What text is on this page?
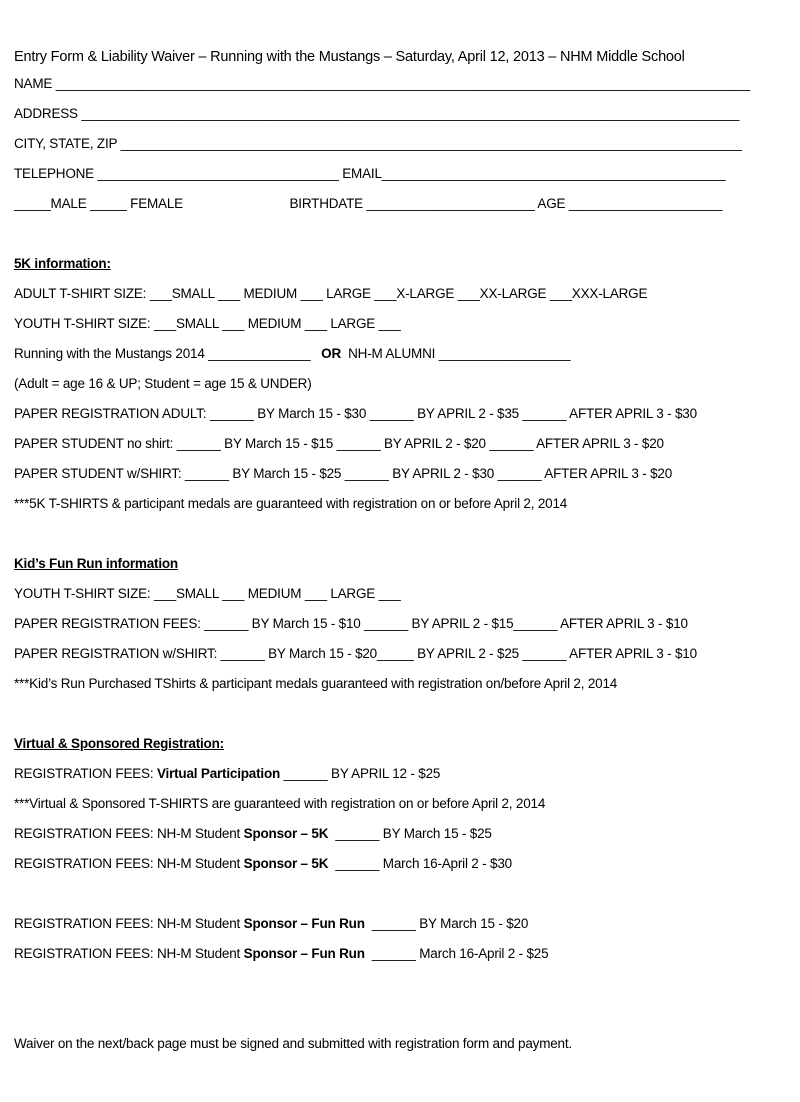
Entry Form & Liability Waiver – Running with the Mustangs – Saturday, April 12, 2013 – NHM Middle School
NAME _______________________________________________________________________________________________
ADDRESS __________________________________________________________________________________________
CITY, STATE, ZIP _____________________________________________________________________________________
TELEPHONE _________________________________ EMAIL_______________________________________________
_____MALE _____ FEMALE                              BIRTHDATE _______________________ AGE _____________________
5K information:
ADULT T-SHIRT SIZE: ___SMALL ___ MEDIUM ___ LARGE ___X-LARGE ___XX-LARGE ___XXX-LARGE
YOUTH T-SHIRT SIZE: ___SMALL ___ MEDIUM ___ LARGE ___
Running with the Mustangs 2014 ______________   OR  NH-M ALUMNI __________________
(Adult = age 16 & UP; Student = age 15 & UNDER)
PAPER REGISTRATION ADULT: ______ BY March 15 - $30 ______ BY APRIL 2 - $35 ______ AFTER APRIL 3 - $30
PAPER STUDENT no shirt: ______ BY March 15 - $15 ______ BY APRIL 2 - $20 ______ AFTER APRIL 3 - $20
PAPER STUDENT w/SHIRT: ______ BY March 15 - $25 ______ BY APRIL 2 - $30 ______ AFTER APRIL 3 - $20
***5K T-SHIRTS & participant medals are guaranteed with registration on or before April 2, 2014
Kid’s Fun Run information
YOUTH T-SHIRT SIZE: ___SMALL ___ MEDIUM ___ LARGE ___
PAPER REGISTRATION FEES: ______ BY March 15 - $10 ______ BY APRIL 2 - $15______ AFTER APRIL 3 - $10
PAPER REGISTRATION w/SHIRT: ______ BY March 15 - $20_____ BY APRIL 2 - $25 ______ AFTER APRIL 3 - $10
***Kid’s Run Purchased TShirts & participant medals guaranteed with registration on/before April 2, 2014
Virtual & Sponsored Registration:
REGISTRATION FEES: Virtual Participation ______ BY APRIL 12 - $25
***Virtual & Sponsored T-SHIRTS are guaranteed with registration on or before April 2, 2014
REGISTRATION FEES: NH-M Student Sponsor – 5K  ______ BY March 15 - $25
REGISTRATION FEES: NH-M Student Sponsor – 5K  ______ March 16-April 2 - $30
REGISTRATION FEES: NH-M Student Sponsor – Fun Run  ______ BY March 15 - $20
REGISTRATION FEES: NH-M Student Sponsor – Fun Run  ______ March 16-April 2 - $25
Waiver on the next/back page must be signed and submitted with registration form and payment.
